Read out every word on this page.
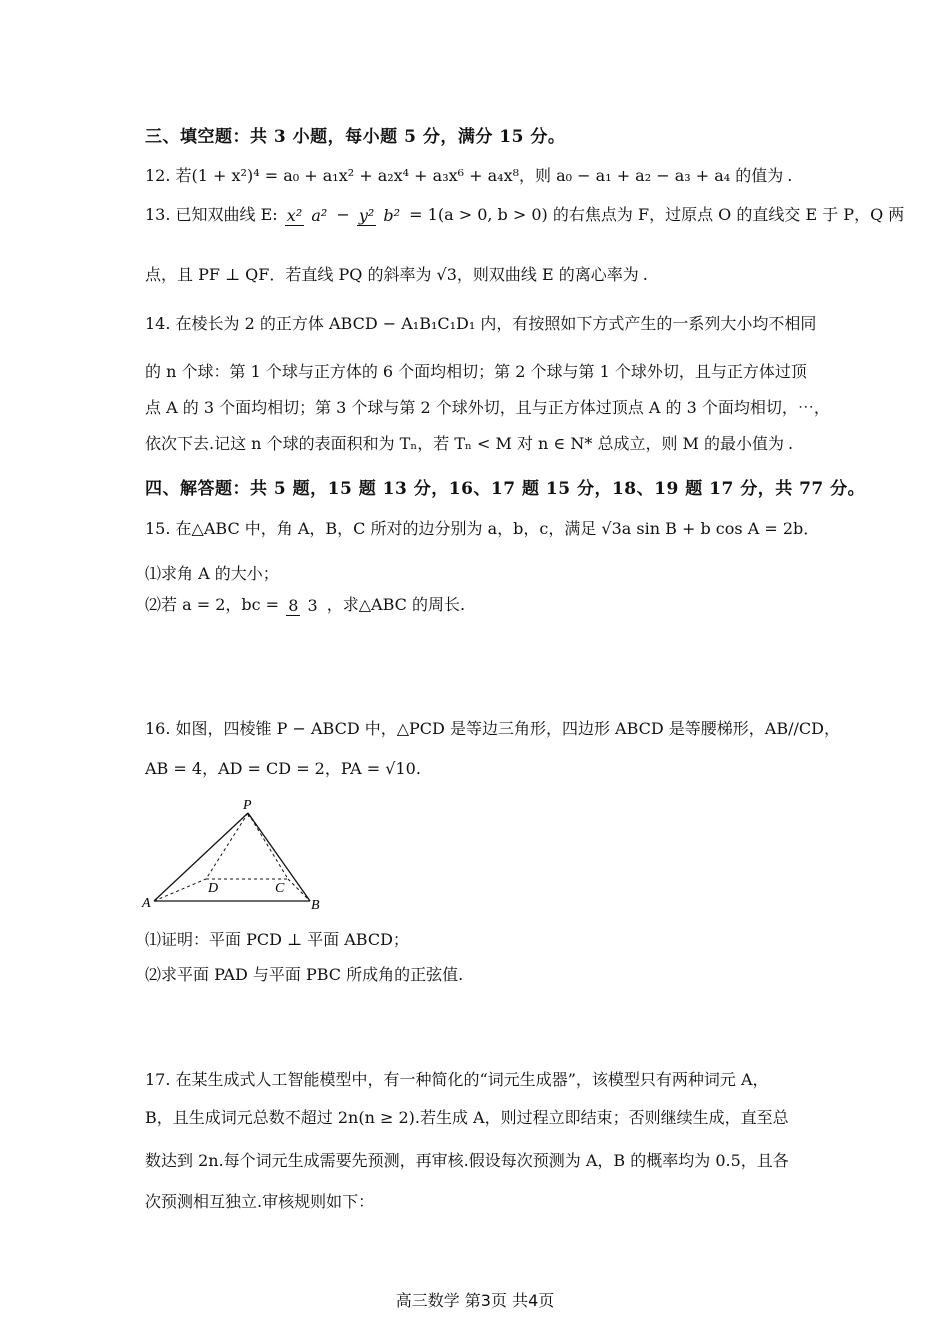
三、填空题：共 3 小题，每小题 5 分，满分 15 分。
12. 若(1 + x²)⁴ = a₀ + a₁x² + a₂x⁴ + a₃x⁶ + a₄x⁸，则 a₀ − a₁ + a₂ − a₃ + a₄ 的值为 .
13. 已知双曲线 E: x² a² − y² b² = 1(a > 0, b > 0) 的右焦点为 F，过原点 O 的直线交 E 于 P，Q 两
点，且 PF ⊥ QF．若直线 PQ 的斜率为 √3，则双曲线 E 的离心率为 .
14. 在棱长为 2 的正方体 ABCD − A₁B₁C₁D₁ 内，有按照如下方式产生的一系列大小均不相同
的 n 个球：第 1 个球与正方体的 6 个面均相切；第 2 个球与第 1 个球外切，且与正方体过顶
点 A 的 3 个面均相切；第 3 个球与第 2 个球外切，且与正方体过顶点 A 的 3 个面均相切，⋯，
依次下去.记这 n 个球的表面积和为 Tₙ，若 Tₙ < M 对 n ∈ N* 总成立，则 M 的最小值为 .
四、解答题：共 5 题，15 题 13 分，16、17 题 15 分，18、19 题 17 分，共 77 分。
15. 在△ABC 中，角 A，B，C 所对的边分别为 a，b，c，满足 √3a sin B + b cos A = 2b．
⑴求角 A 的大小；
⑵若 a = 2，bc = 8 3 ，求△ABC 的周长.
16. 如图，四棱锥 P − ABCD 中，△PCD 是等边三角形，四边形 ABCD 是等腰梯形，AB//CD，
AB = 4，AD = CD = 2，PA = √10.
P
A	B
C
D
⑴证明：平面 PCD ⊥ 平面 ABCD；
⑵求平面 PAD 与平面 PBC 所成角的正弦值.
17. 在某生成式人工智能模型中，有一种简化的“词元生成器”，该模型只有两种词元 A，
B，且生成词元总数不超过 2n(n ≥ 2).若生成 A，则过程立即结束；否则继续生成，直至总
数达到 2n.每个词元生成需要先预测，再审核.假设每次预测为 A，B 的概率均为 0.5，且各
次预测相互独立.审核规则如下：
高三数学 第3页 共4页
